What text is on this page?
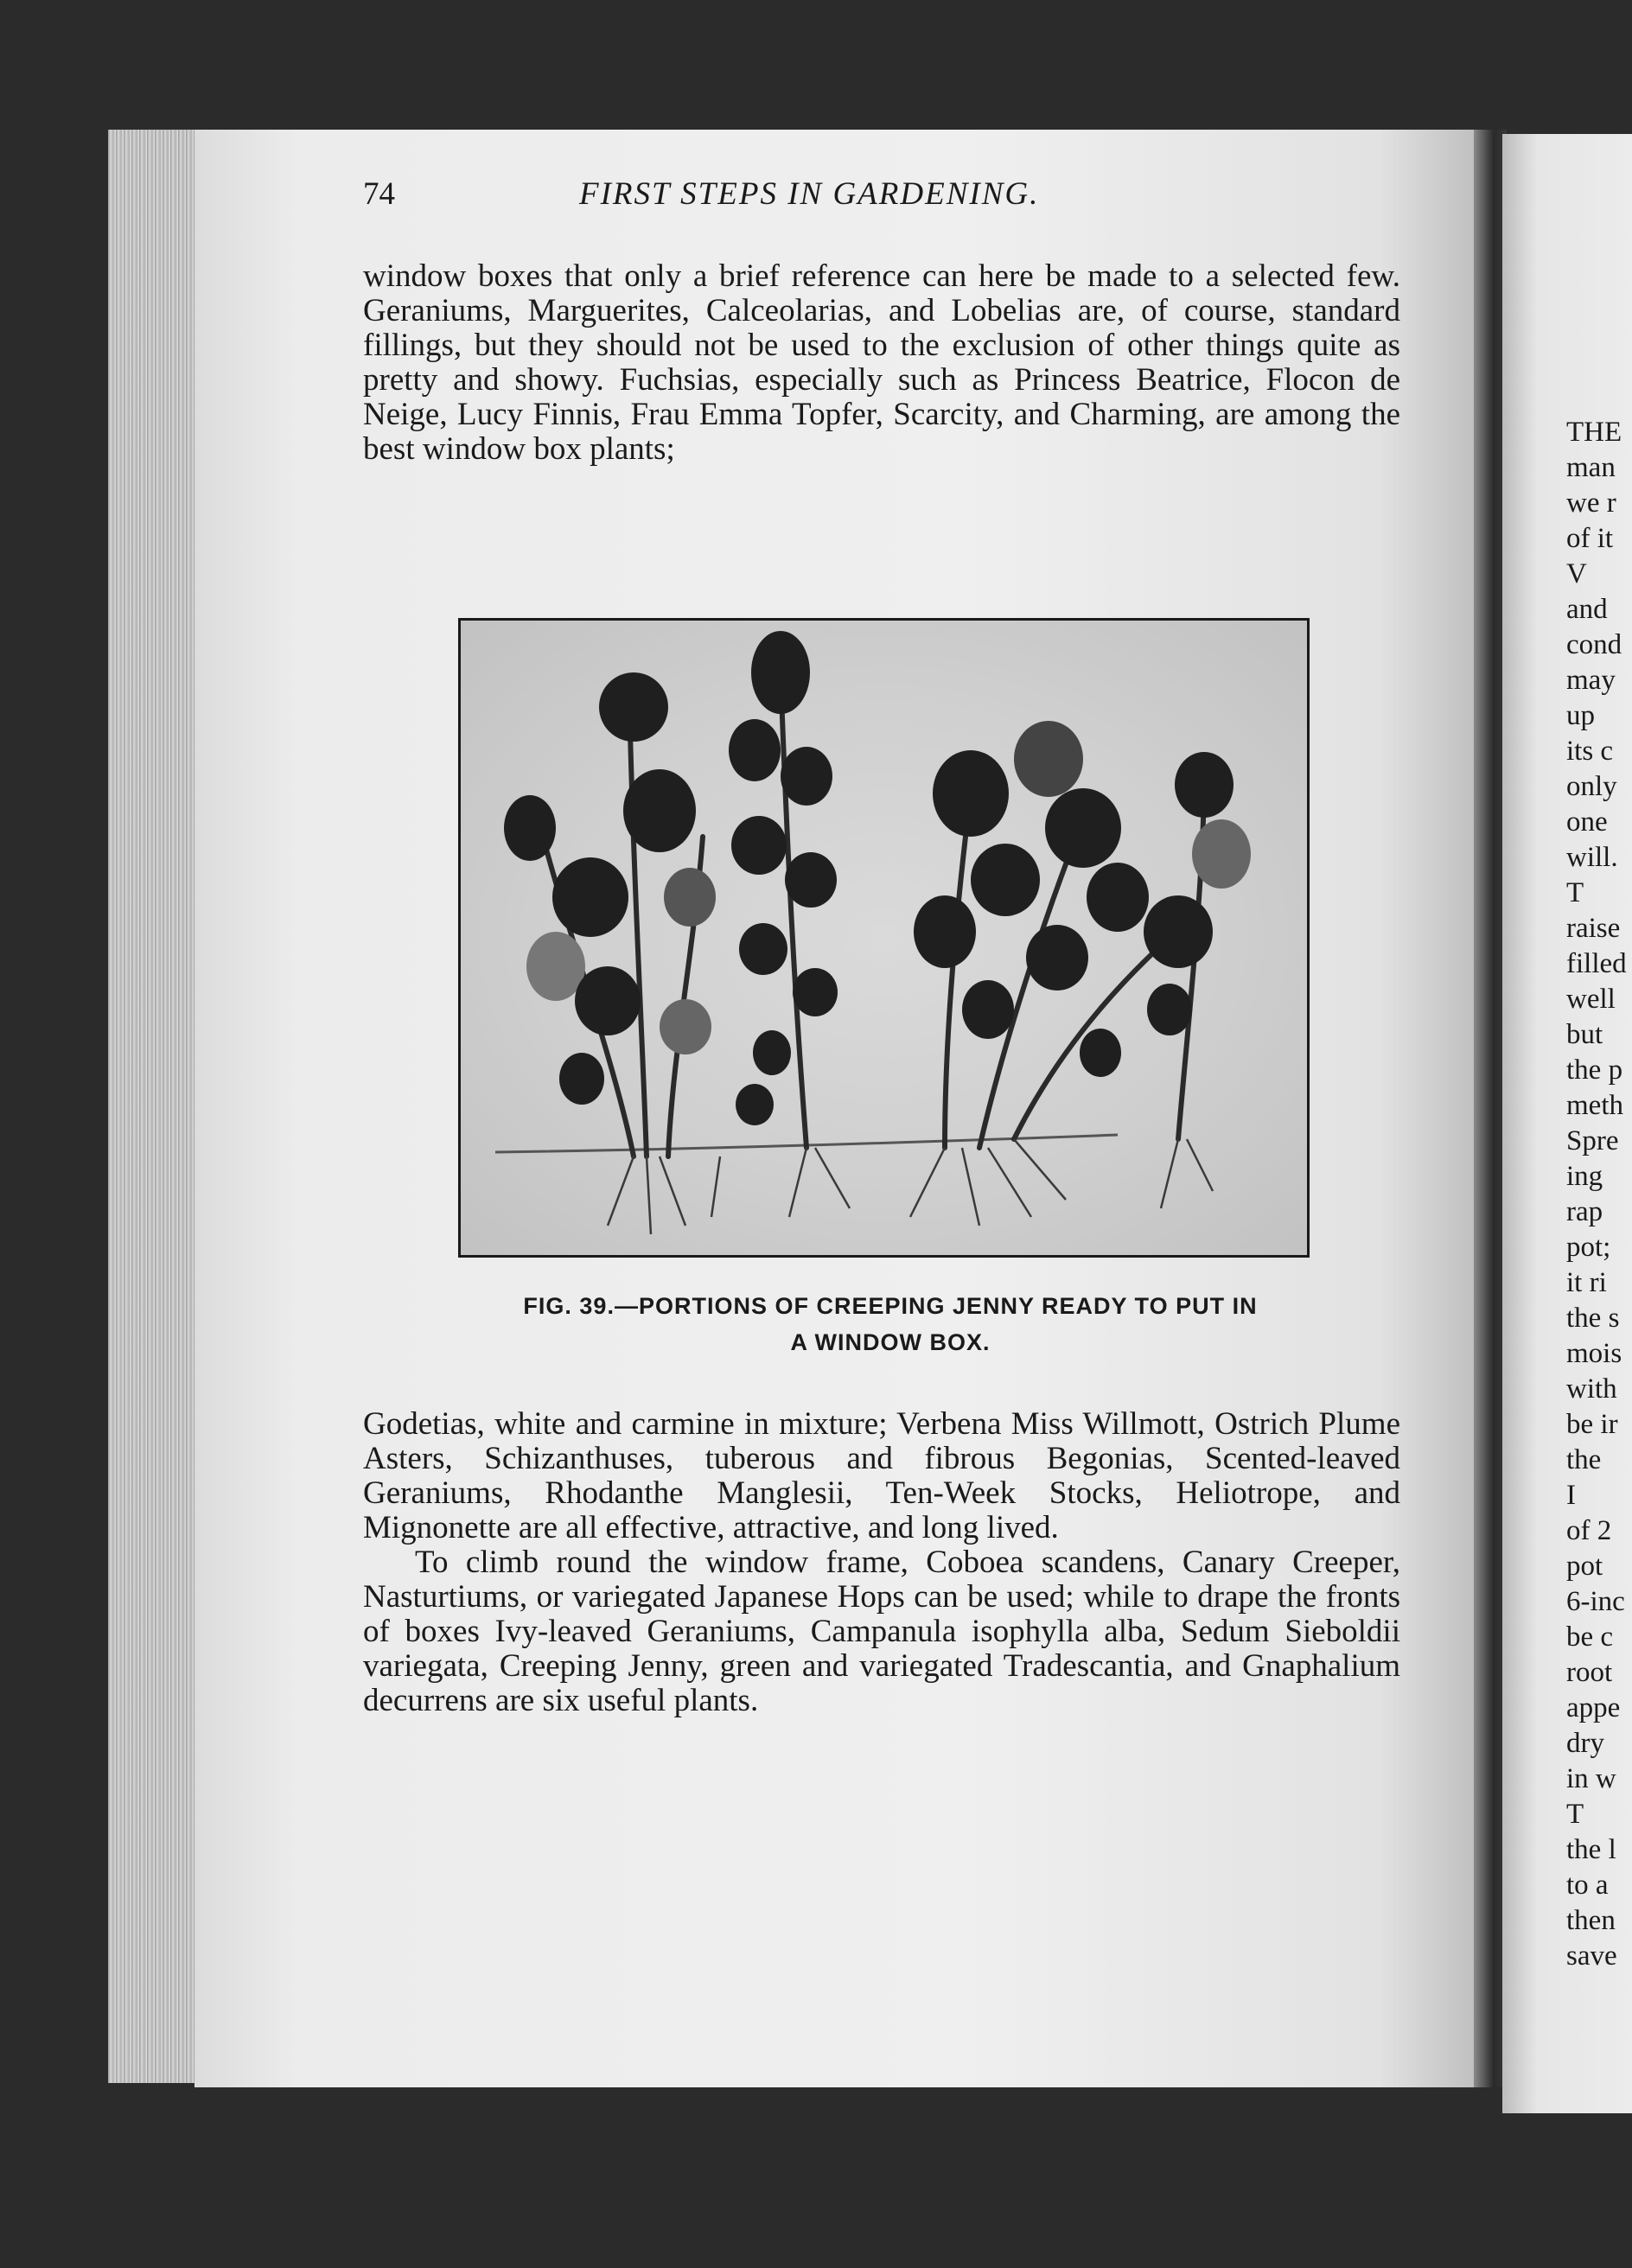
74	FIRST STEPS IN GARDENING.

window boxes that only a brief reference can here be made to a selected few. Geraniums, Marguerites, Calceolarias, and Lobelias are, of course, standard fillings, but they should not be used to the exclusion of other things quite as pretty and showy. Fuchsias, especially such as Princess Beatrice, Flocon de Neige, Lucy Finnis, Frau Emma Topfer, Scarcity, and Charming, are among the best window box plants;

FIG. 39.—PORTIONS OF CREEPING JENNY READY TO PUT IN
A WINDOW BOX.

Godetias, white and carmine in mixture; Verbena Miss Willmott, Ostrich Plume Asters, Schizanthuses, tuberous and fibrous Begonias, Scented-leaved Geraniums, Rhodanthe Manglesii, Ten-Week Stocks, Heliotrope, and Mignonette are all effective, attractive, and long lived.

To climb round the window frame, Coboea scandens, Canary Creeper, Nasturtiums, or variegated Japanese Hops can be used; while to drape the fronts of boxes Ivy-leaved Geraniums, Campanula isophylla alba, Sedum Sieboldii variegata, Creeping Jenny, green and variegated Tradescantia, and Gnaphalium decurrens are six useful plants.

THE
man
we r
of it
V
and
cond
may
up
its c
only
one
will.
T
raise
filled
well
but
the p
meth
Spre
ing
rap
pot;
it ri
the s
mois
with
be ir
the
I
of 2
pot
6-inc
be c
root
appe
dry
in w
T
the l
to a
then
save
